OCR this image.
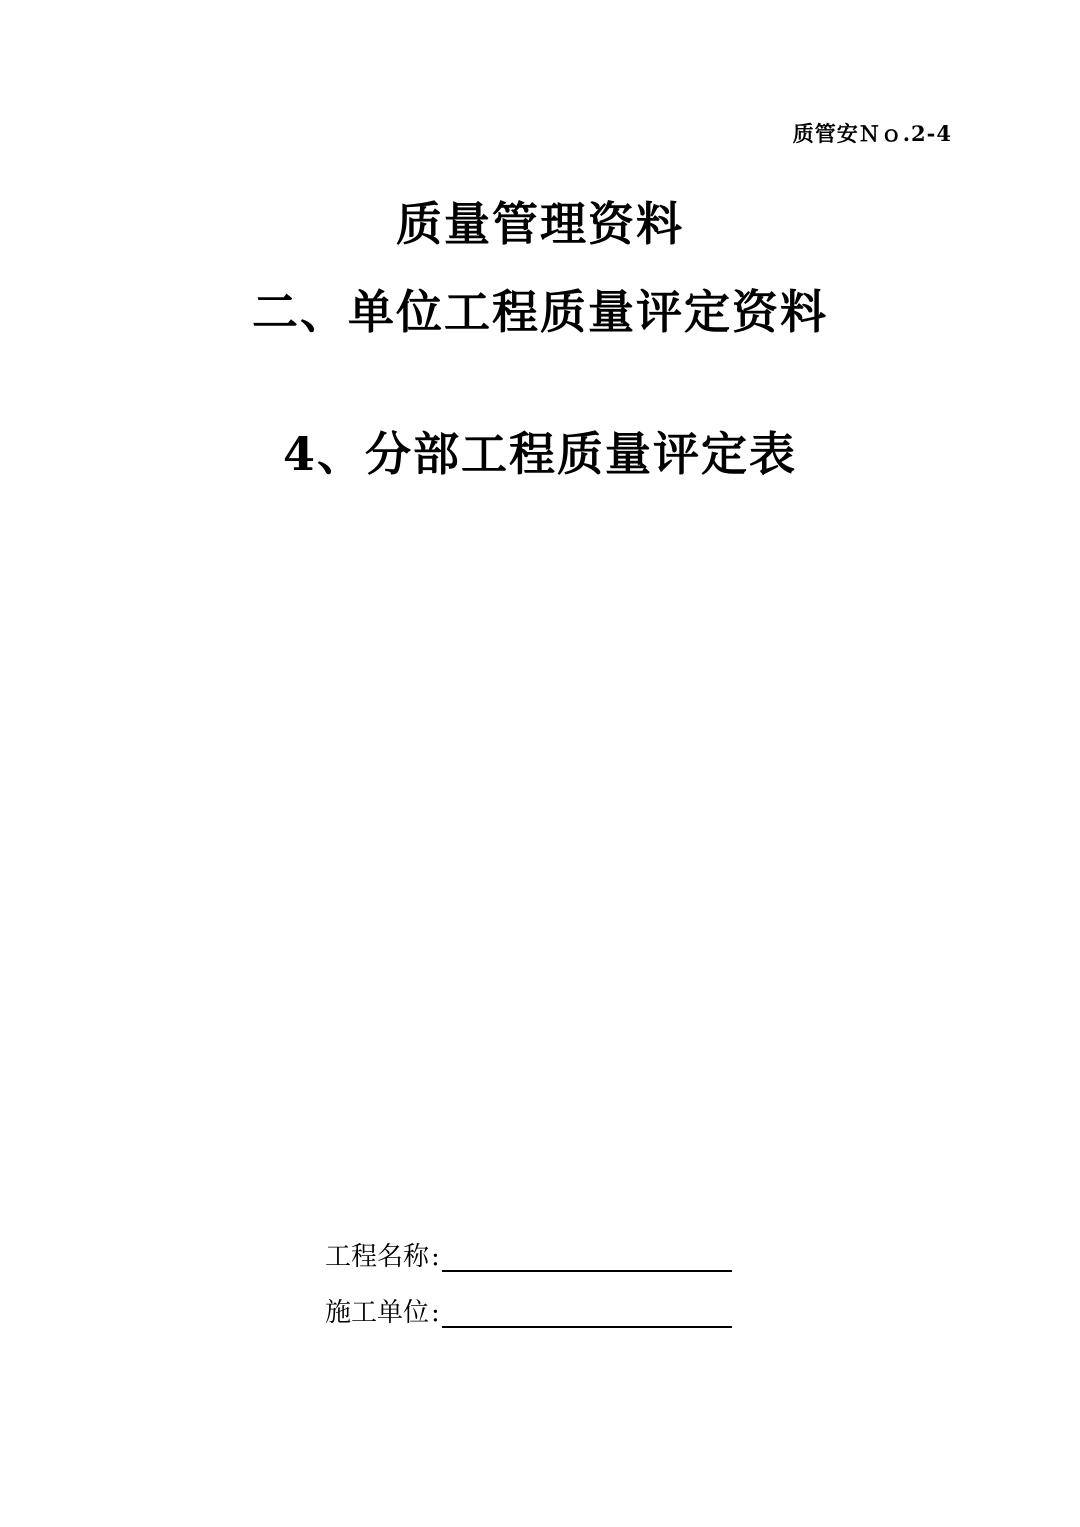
质管安Ｎｏ.2-4
质量管理资料
二、单位工程质量评定资料
4、分部工程质量评定表
工程名称 :
施工单位 :
